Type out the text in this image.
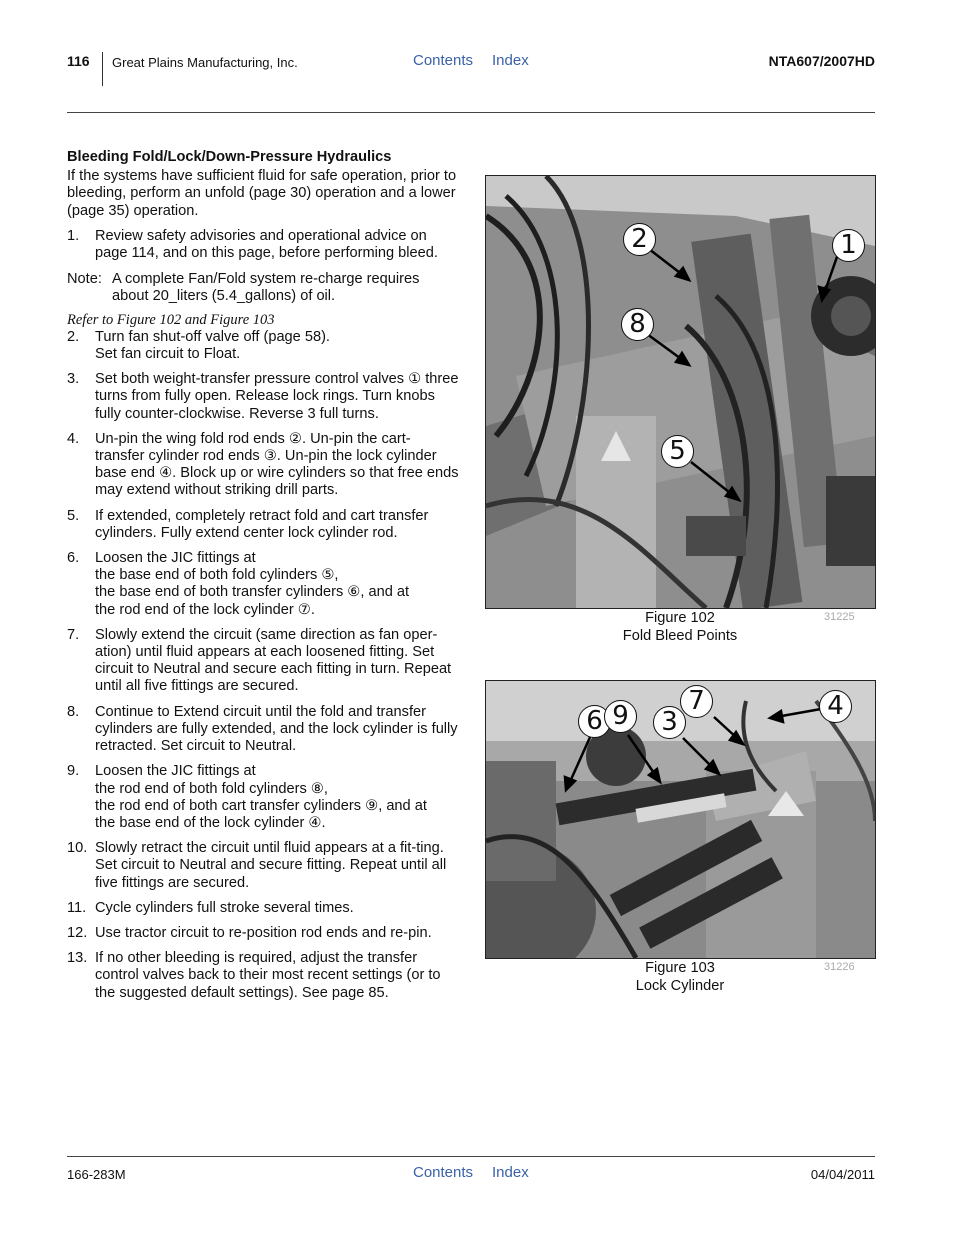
116 Great Plains Manufacturing, Inc.	Contents Index	NTA607/2007HD

Bleeding Fold/Lock/Down-Pressure Hydraulics

If the systems have sufficient fluid for safe operation, prior to bleeding, perform an unfold (page 30) operation and a lower (page 35) operation.

1. Review safety advisories and operational advice on page 114, and on this page, before performing bleed.
Note: A complete Fan/Fold system re-charge requires about 20_liters (5.4_gallons) of oil.

Refer to Figure 102 and Figure 103

2. Turn fan shut-off valve off (page 58).
Set fan circuit to Float.
3. Set both weight-transfer pressure control valves ① three turns from fully open. Release lock rings. Turn knobs fully counter-clockwise. Reverse 3 full turns.
4. Un-pin the wing fold rod ends ②. Un-pin the cart-transfer cylinder rod ends ③. Un-pin the lock cylinder base end ④. Block up or wire cylinders so that free ends may extend without striking drill parts.
5. If extended, completely retract fold and cart transfer cylinders. Fully extend center lock cylinder rod.
6. Loosen the JIC fittings at
the base end of both fold cylinders ⑤,
the base end of both transfer cylinders ⑥, and at
the rod end of the lock cylinder ⑦.
7. Slowly extend the circuit (same direction as fan oper-ation) until fluid appears at each loosened fitting. Set circuit to Neutral and secure each fitting in turn. Repeat until all five fittings are secured.
8. Continue to Extend circuit until the fold and transfer cylinders are fully extended, and the lock cylinder is fully retracted. Set circuit to Neutral.
9. Loosen the JIC fittings at
the rod end of both fold cylinders ⑧,
the rod end of both cart transfer cylinders ⑨, and at
the base end of the lock cylinder ④.
10. Slowly retract the circuit until fluid appears at a fit-ting. Set circuit to Neutral and secure fitting. Repeat until all five fittings are secured.
11. Cycle cylinders full stroke several times.
12. Use tractor circuit to re-position rod ends and re-pin.
13. If no other bleeding is required, adjust the transfer control valves back to their most recent settings (or to the suggested default settings). See page 85.
2	1
8
5
Figure 102
Fold Bleed Points
31225
7	4
6 9	3
Figure 103
Lock Cylinder
31226
166-283M	Contents Index	04/04/2011
